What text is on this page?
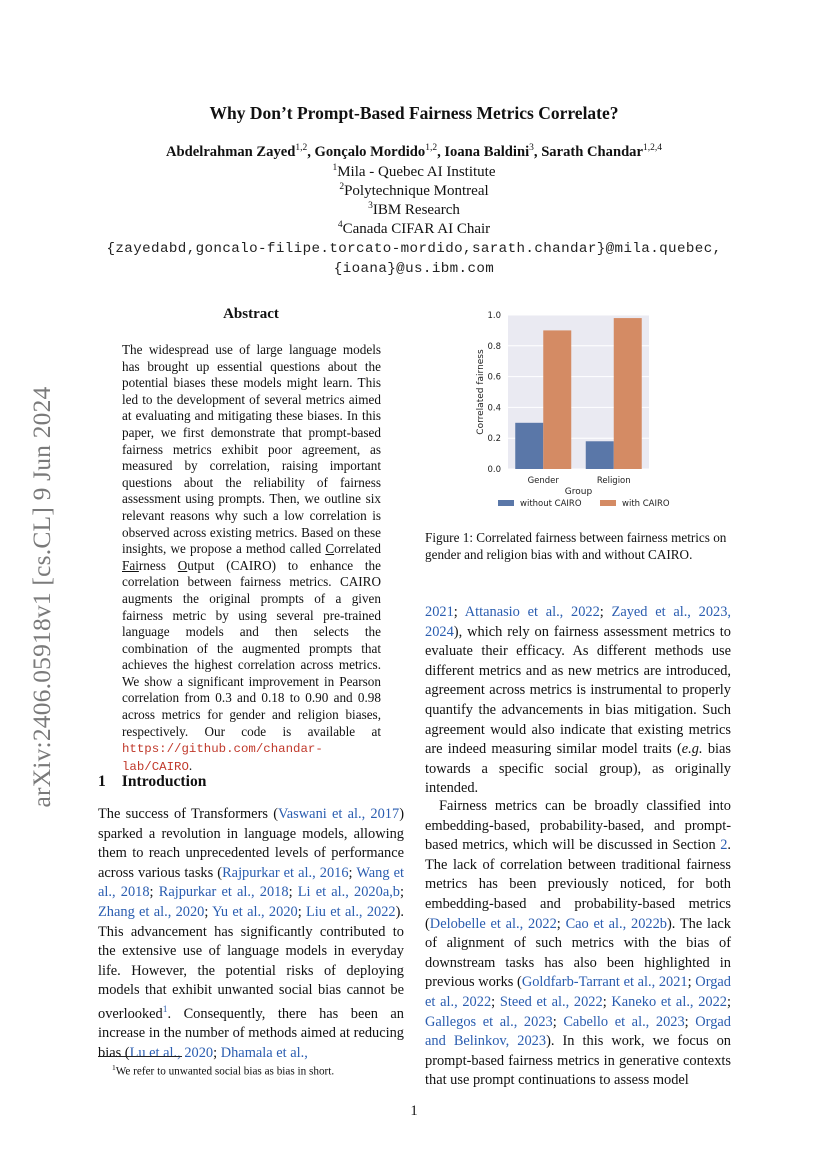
Why Don’t Prompt-Based Fairness Metrics Correlate?
Abdelrahman Zayed$^{1,2}$, Gonçalo Mordido$^{1,2}$, Ioana Baldini$^3$, Sarath Chandar$^{1,2,4}$
$^1$Mila - Quebec AI Institute
$^2$Polytechnique Montreal
$^3$IBM Research
$^4$Canada CIFAR AI Chair
{zayedabd,goncalo-filipe.torcato-mordido,sarath.chandar}@mila.quebec,
{ioana}@us.ibm.com
arXiv:2406.05918v1 [cs.CL] 9 Jun 2024
Abstract
The widespread use of large language models has brought up essential questions about the potential biases these models might learn. This led to the development of several metrics aimed at evaluating and mitigating these biases. In this paper, we first demonstrate that prompt-based fairness metrics exhibit poor agreement, as measured by correlation, raising important questions about the reliability of fairness assessment using prompts. Then, we outline six relevant reasons why such a low correlation is observed across existing metrics. Based on these insights, we propose a method called Correlated Fairness Output (CAIRO) to enhance the correlation between fairness metrics. CAIRO augments the original prompts of a given fairness metric by using several pre-trained language models and then selects the combination of the augmented prompts that achieves the highest correlation across metrics. We show a significant improvement in Pearson correlation from 0.3 and 0.18 to 0.90 and 0.98 across metrics for gender and religion biases, respectively. Our code is available at https://github.com/chandar-lab/CAIRO.
1 Introduction
The success of Transformers (Vaswani et al., 2017) sparked a revolution in language models, allowing them to reach unprecedented levels of performance across various tasks (Rajpurkar et al., 2016; Wang et al., 2018; Rajpurkar et al., 2018; Li et al., 2020a,b; Zhang et al., 2020; Yu et al., 2020; Liu et al., 2022). This advancement has significantly contributed to the extensive use of language models in everyday life. However, the potential risks of deploying models that exhibit unwanted social bias cannot be overlooked$^1$. Consequently, there has been an increase in the number of methods aimed at reducing bias (Lu et al., 2020; Dhamala et al.,
0.0
0.2
0.4
0.6
0.8
1.0
Gender	Religion
Group
Correlated fairness
without CAIRO	with CAIRO
Figure 1: Correlated fairness between fairness metrics on gender and religion bias with and without CAIRO.
2021; Attanasio et al., 2022; Zayed et al., 2023, 2024), which rely on fairness assessment metrics to evaluate their efficacy. As different methods use different metrics and as new metrics are introduced, agreement across metrics is instrumental to properly quantify the advancements in bias mitigation. Such agreement would also indicate that existing metrics are indeed measuring similar model traits (e.g. bias towards a specific social group), as originally intended.
Fairness metrics can be broadly classified into embedding-based, probability-based, and prompt-based metrics, which will be discussed in Section 2. The lack of correlation between traditional fairness metrics has been previously noticed, for both embedding-based and probability-based metrics (Delobelle et al., 2022; Cao et al., 2022b). The lack of alignment of such metrics with the bias of downstream tasks has also been highlighted in previous works (Goldfarb-Tarrant et al., 2021; Orgad et al., 2022; Steed et al., 2022; Kaneko et al., 2022; Gallegos et al., 2023; Cabello et al., 2023; Orgad and Belinkov, 2023). In this work, we focus on prompt-based fairness metrics in generative contexts that use prompt continuations to assess model
$^1$We refer to unwanted social bias as bias in short.
1
